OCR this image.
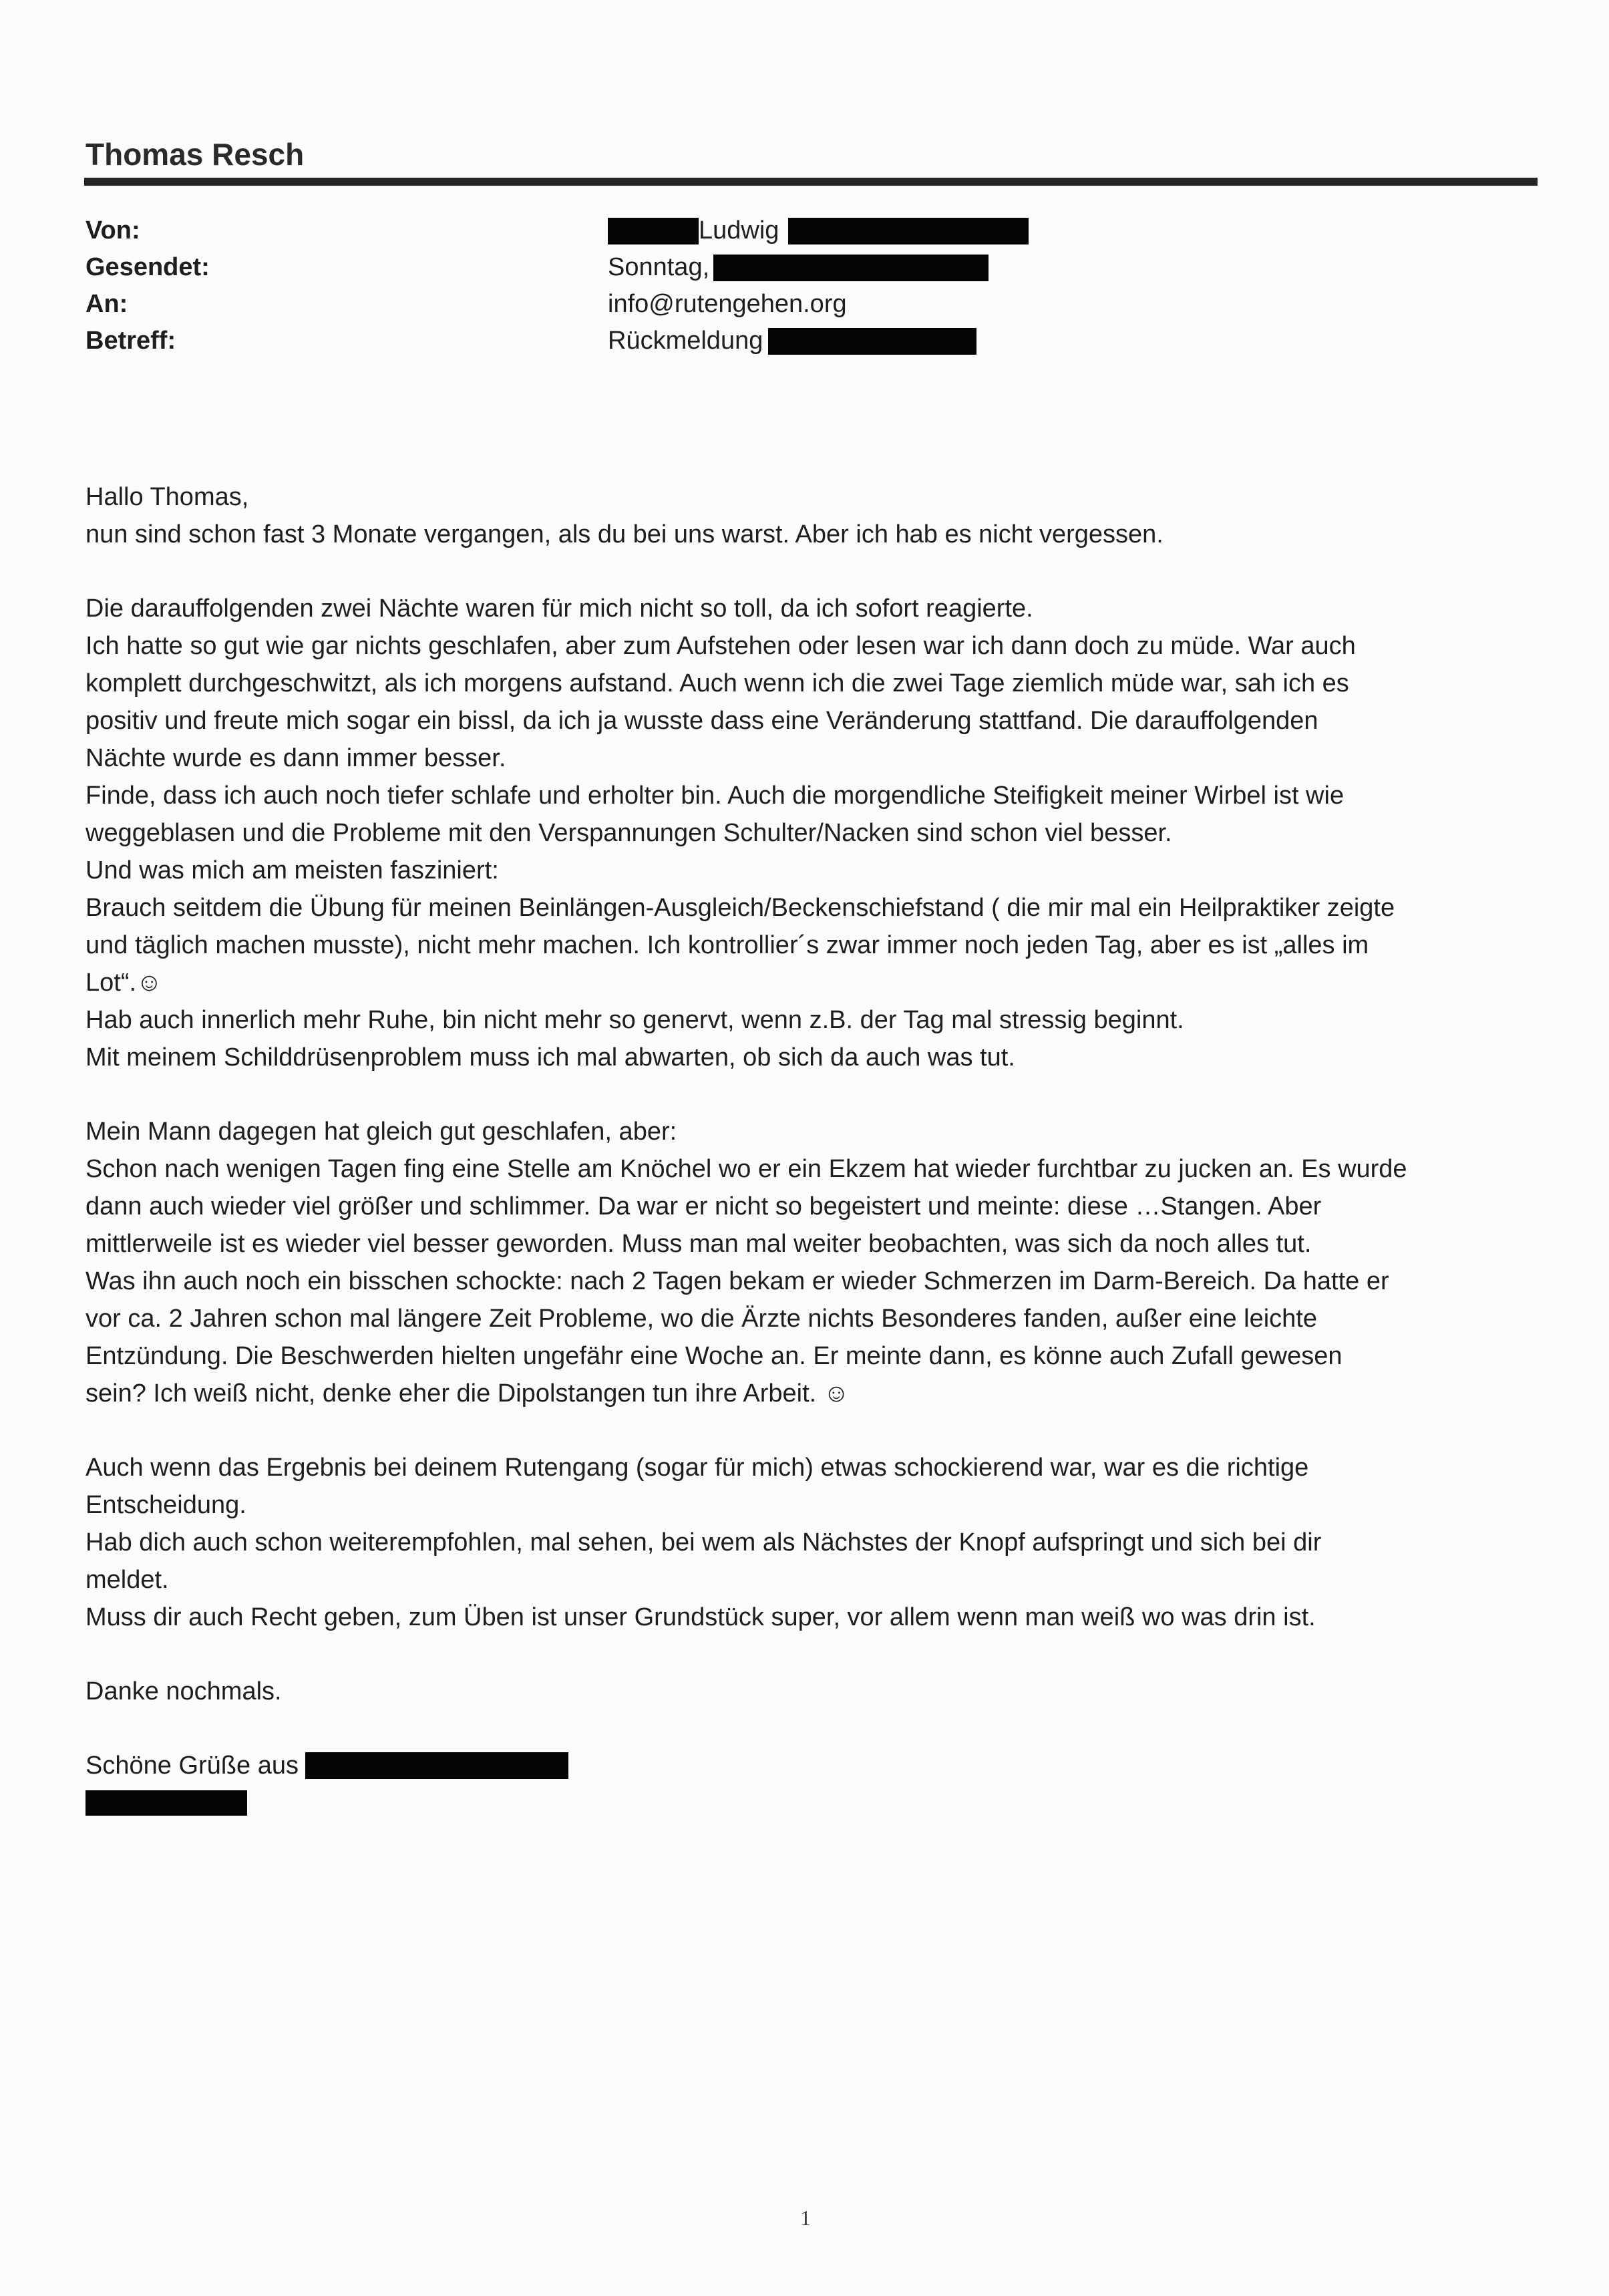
Thomas Resch
Von:	Ludwig
Gesendet:	Sonntag,
An:	info@rutengehen.org
Betreff:	Rückmeldung
Hallo Thomas,
nun sind schon fast 3 Monate vergangen, als du bei uns warst. Aber ich hab es nicht vergessen.
Die darauffolgenden zwei Nächte waren für mich nicht so toll, da ich sofort reagierte.
Ich hatte so gut wie gar nichts geschlafen, aber zum Aufstehen oder lesen war ich dann doch zu müde. War auch
komplett durchgeschwitzt, als ich morgens aufstand. Auch wenn ich die zwei Tage ziemlich müde war, sah ich es
positiv und freute mich sogar ein bissl, da ich ja wusste dass eine Veränderung stattfand. Die darauffolgenden
Nächte wurde es dann immer besser.
Finde, dass ich auch noch tiefer schlafe und erholter bin. Auch die morgendliche Steifigkeit meiner Wirbel ist wie
weggeblasen und die Probleme mit den Verspannungen Schulter/Nacken sind schon viel besser.
Und was mich am meisten fasziniert:
Brauch seitdem die Übung für meinen Beinlängen-Ausgleich/Beckenschiefstand ( die mir mal ein Heilpraktiker zeigte
und täglich machen musste), nicht mehr machen. Ich kontrollier´s zwar immer noch jeden Tag, aber es ist „alles im
Lot“.☺
Hab auch innerlich mehr Ruhe, bin nicht mehr so genervt, wenn z.B. der Tag mal stressig beginnt.
Mit meinem Schilddrüsenproblem muss ich mal abwarten, ob sich da auch was tut.
Mein Mann dagegen hat gleich gut geschlafen, aber:
Schon nach wenigen Tagen fing eine Stelle am Knöchel wo er ein Ekzem hat wieder furchtbar zu jucken an. Es wurde
dann auch wieder viel größer und schlimmer. Da war er nicht so begeistert und meinte: diese …Stangen. Aber
mittlerweile ist es wieder viel besser geworden. Muss man mal weiter beobachten, was sich da noch alles tut.
Was ihn auch noch ein bisschen schockte: nach 2 Tagen bekam er wieder Schmerzen im Darm-Bereich. Da hatte er
vor ca. 2 Jahren schon mal längere Zeit Probleme, wo die Ärzte nichts Besonderes fanden, außer eine leichte
Entzündung. Die Beschwerden hielten ungefähr eine Woche an. Er meinte dann, es könne auch Zufall gewesen
sein? Ich weiß nicht, denke eher die Dipolstangen tun ihre Arbeit. ☺
Auch wenn das Ergebnis bei deinem Rutengang (sogar für mich) etwas schockierend war, war es die richtige
Entscheidung.
Hab dich auch schon weiterempfohlen, mal sehen, bei wem als Nächstes der Knopf aufspringt und sich bei dir
meldet.
Muss dir auch Recht geben, zum Üben ist unser Grundstück super, vor allem wenn man weiß wo was drin ist.
Danke nochmals.
Schöne Grüße aus
1
